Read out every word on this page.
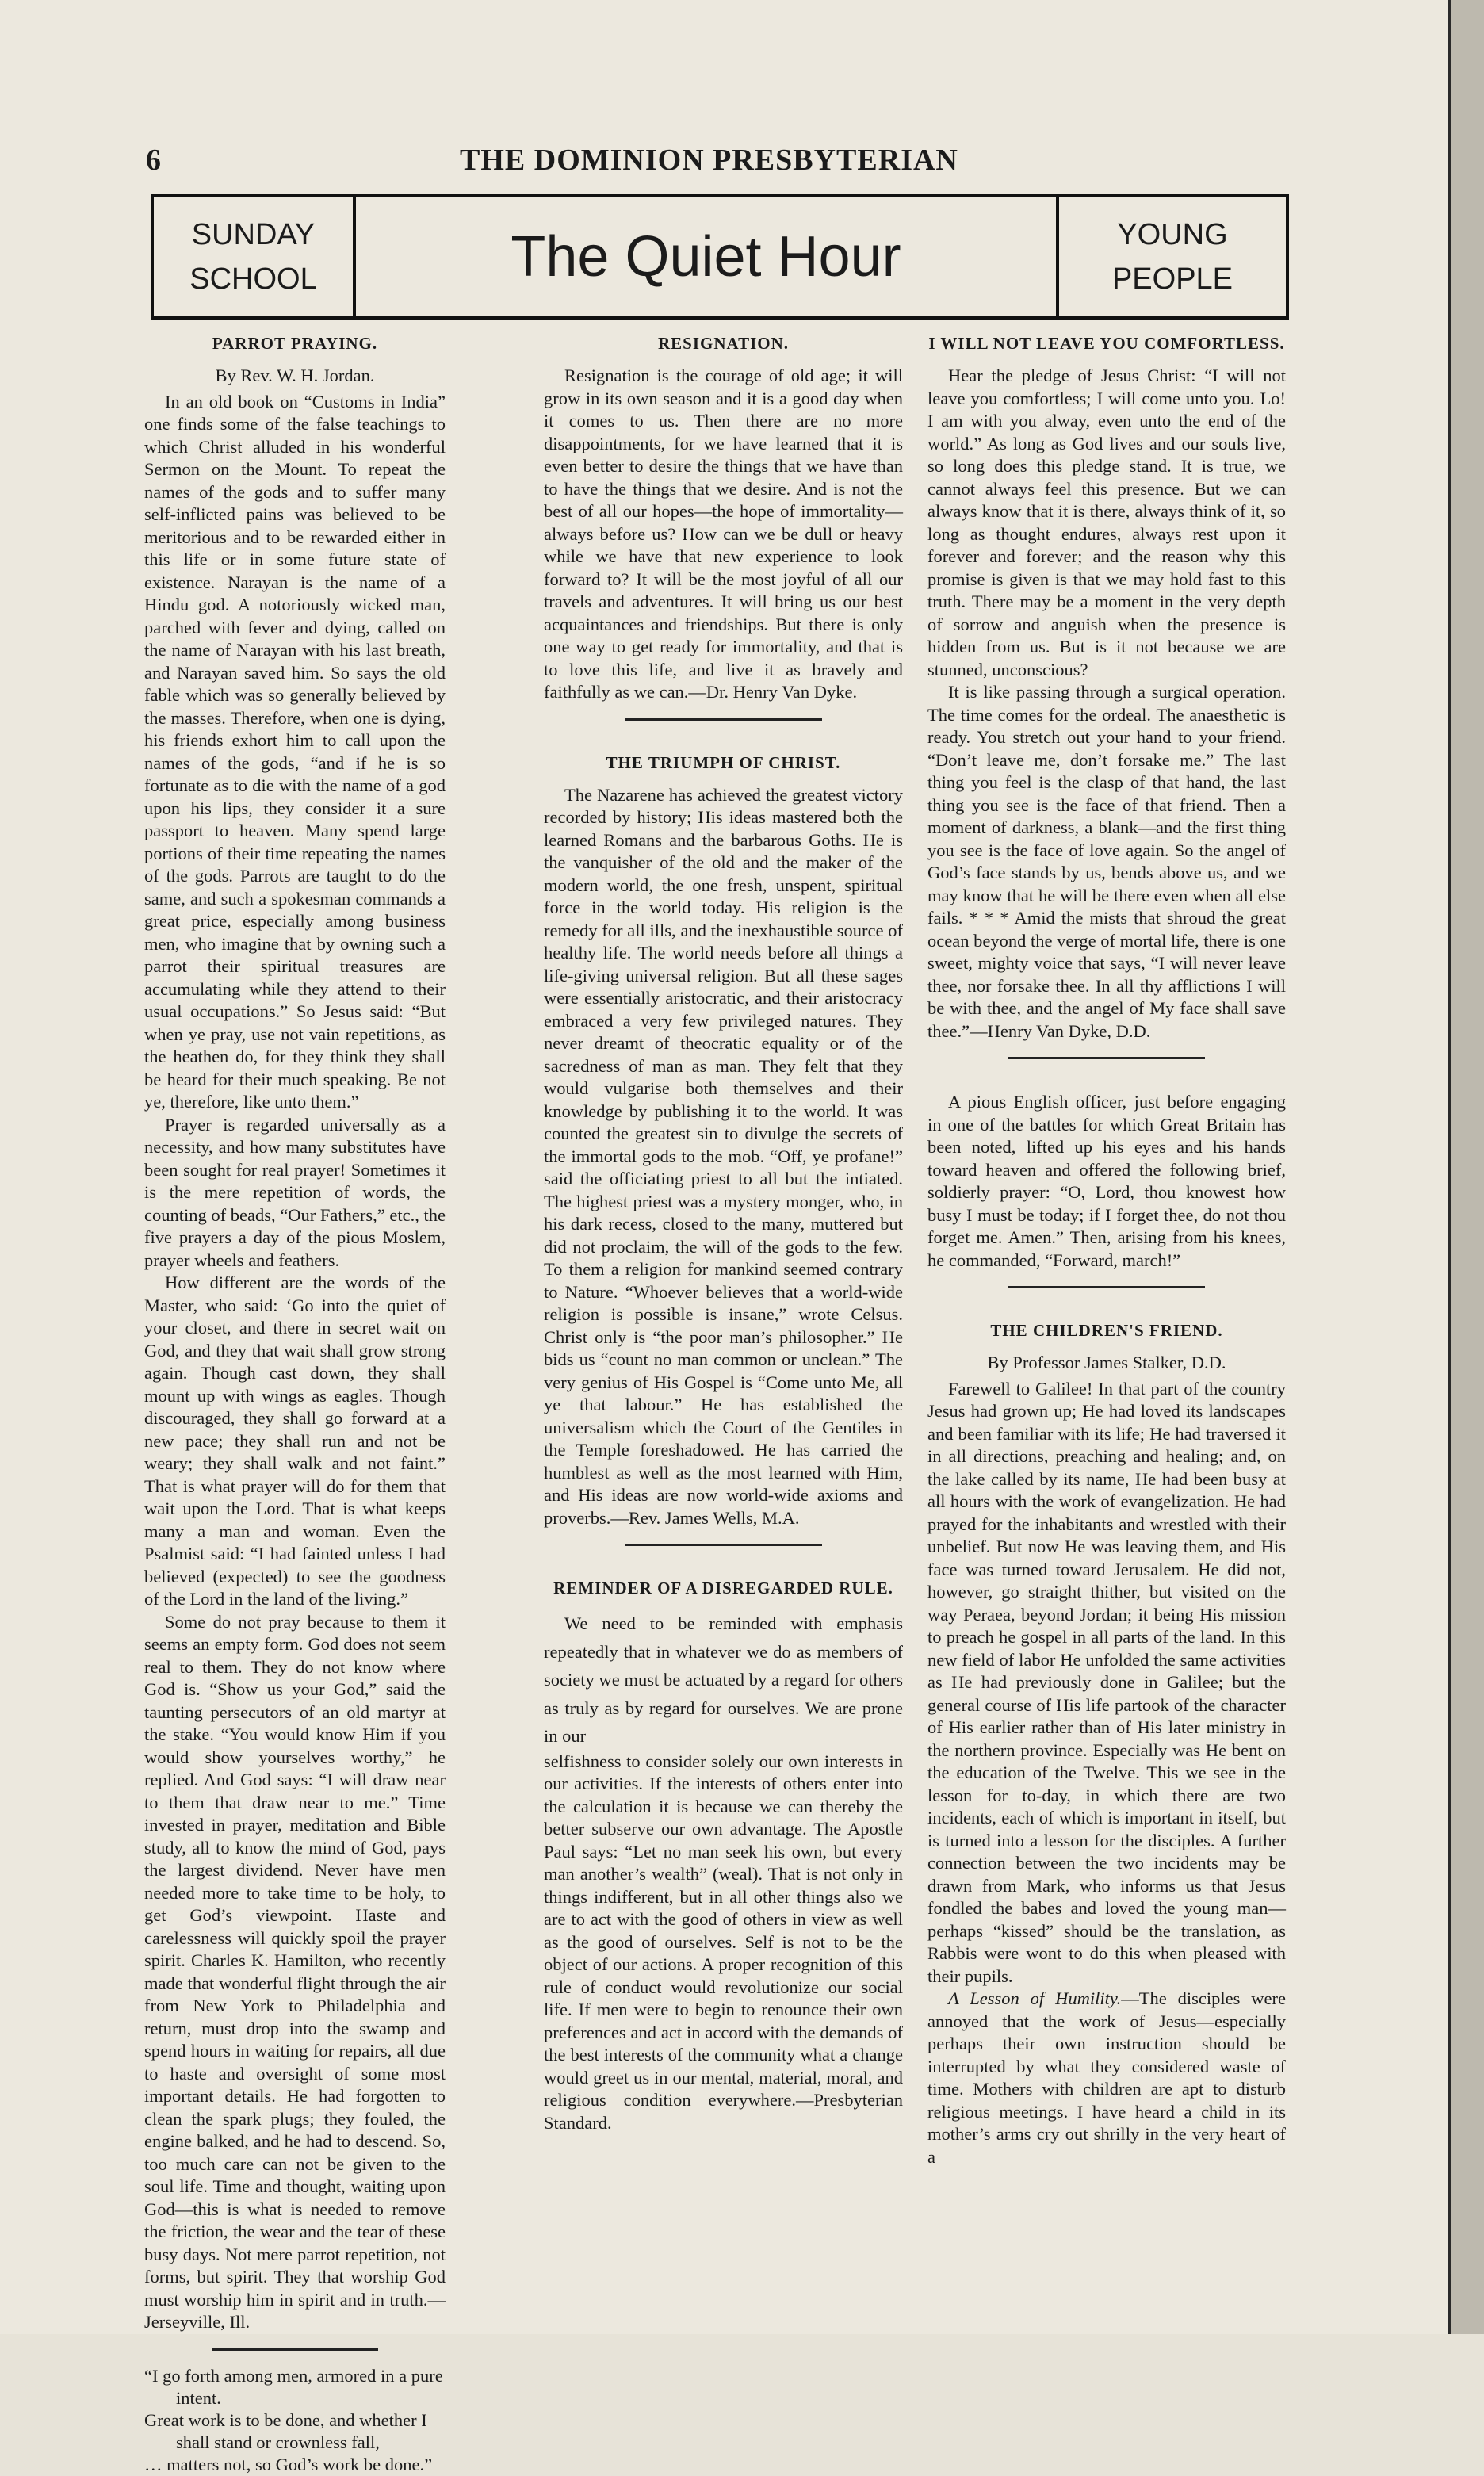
6	THE DOMINION PRESBYTERIAN
SUNDAY
SCHOOL	The Quiet Hour	YOUNG
PEOPLE
PARROT PRAYING.
By Rev. W. H. Jordan.

In an old book on “Customs in India” one finds some of the false teachings to which Christ alluded in his wonderful Sermon on the Mount. To repeat the names of the gods and to suffer many self-inflicted pains was believed to be meritorious and to be rewarded either in this life or in some future state of existence. Narayan is the name of a Hindu god. A notoriously wicked man, parched with fever and dying, called on the name of Narayan with his last breath, and Narayan saved him. So says the old fable which was so generally believed by the masses. Therefore, when one is dying, his friends exhort him to call upon the names of the gods, “and if he is so fortunate as to die with the name of a god upon his lips, they consider it a sure passport to heaven. Many spend large portions of their time repeating the names of the gods. Parrots are taught to do the same, and such a spokesman commands a great price, especially among business men, who imagine that by owning such a parrot their spiritual treasures are accumulating while they attend to their usual occupations.” So Jesus said: “But when ye pray, use not vain repetitions, as the heathen do, for they think they shall be heard for their much speaking. Be not ye, therefore, like unto them.”

Prayer is regarded universally as a necessity, and how many substitutes have been sought for real prayer! Sometimes it is the mere repetition of words, the counting of beads, “Our Fathers,” etc., the five prayers a day of the pious Moslem, prayer wheels and feathers.

How different are the words of the Master, who said: ‘Go into the quiet of your closet, and there in secret wait on God, and they that wait shall grow strong again. Though cast down, they shall mount up with wings as eagles. Though discouraged, they shall go forward at a new pace; they shall run and not be weary; they shall walk and not faint.” That is what prayer will do for them that wait upon the Lord. That is what keeps many a man and woman. Even the Psalmist said: “I had fainted unless I had believed (expected) to see the goodness of the Lord in the land of the living.”

Some do not pray because to them it seems an empty form. God does not seem real to them. They do not know where God is. “Show us your God,” said the taunting persecutors of an old martyr at the stake. “You would know Him if you would show yourselves worthy,” he replied. And God says: “I will draw near to them that draw near to me.” Time invested in prayer, meditation and Bible study, all to know the mind of God, pays the largest dividend. Never have men needed more to take time to be holy, to get God’s viewpoint. Haste and carelessness will quickly spoil the prayer spirit. Charles K. Hamilton, who recently made that wonderful flight through the air from New York to Philadelphia and return, must drop into the swamp and spend hours in waiting for repairs, all due to haste and oversight of some most important details. He had forgotten to clean the spark plugs; they fouled, the engine balked, and he had to descend. So, too much care can not be given to the soul life. Time and thought, waiting upon God—this is what is needed to remove the friction, the wear and the tear of these busy days. Not mere parrot repetition, not forms, but spirit. They that worship God must worship him in spirit and in truth.—Jerseyville, Ill.

“I go forth among men, armored in a pure
intent.
Great work is to be done, and whether I
shall stand or crownless fall,
… matters not, so God’s work be done.”
RESIGNATION.

Resignation is the courage of old age; it will grow in its own season and it is a good day when it comes to us. Then there are no more disappointments, for we have learned that it is even better to desire the things that we have than to have the things that we desire. And is not the best of all our hopes—the hope of immortality—always before us? How can we be dull or heavy while we have that new experience to look forward to? It will be the most joyful of all our travels and adventures. It will bring us our best acquaintances and friendships. But there is only one way to get ready for immortality, and that is to love this life, and live it as bravely and faithfully as we can.—Dr. Henry Van Dyke.

THE TRIUMPH OF CHRIST.

The Nazarene has achieved the greatest victory recorded by history; His ideas mastered both the learned Romans and the barbarous Goths. He is the vanquisher of the old and the maker of the modern world, the one fresh, unspent, spiritual force in the world today. His religion is the remedy for all ills, and the inexhaustible source of healthy life. The world needs before all things a life-giving universal religion. But all these sages were essentially aristocratic, and their aristocracy embraced a very few privileged natures. They never dreamt of theocratic equality or of the sacredness of man as man. They felt that they would vulgarise both themselves and their knowledge by publishing it to the world. It was counted the greatest sin to divulge the secrets of the immortal gods to the mob. “Off, ye profane!” said the officiating priest to all but the intiated. The highest priest was a mystery monger, who, in his dark recess, closed to the many, muttered but did not proclaim, the will of the gods to the few. To them a religion for mankind seemed contrary to Nature. “Whoever believes that a world-wide religion is possible is insane,” wrote Celsus. Christ only is “the poor man’s philosopher.” He bids us “count no man common or unclean.” The very genius of His Gospel is “Come unto Me, all ye that labour.” He has established the universalism which the Court of the Gentiles in the Temple foreshadowed. He has carried the humblest as well as the most learned with Him, and His ideas are now world-wide axioms and proverbs.—Rev. James Wells, M.A.

REMINDER OF A DISREGARDED RULE.

We need to be reminded with emphasis repeatedly that in whatever we do as members of society we must be actuated by a regard for others as truly as by regard for ourselves. We are prone in our

selfishness to consider solely our own interests in our activities. If the interests of others enter into the calculation it is because we can thereby the better subserve our own advantage. The Apostle Paul says: “Let no man seek his own, but every man another’s wealth” (weal). That is not only in things indifferent, but in all other things also we are to act with the good of others in view as well as the good of ourselves. Self is not to be the object of our actions. A proper recognition of this rule of conduct would revolutionize our social life. If men were to begin to renounce their own preferences and act in accord with the demands of the best interests of the community what a change would greet us in our mental, material, moral, and religious condition everywhere.—Presbyterian Standard.

I WILL NOT LEAVE YOU COMFORTLESS.

Hear the pledge of Jesus Christ: “I will not leave you comfortless; I will come unto you. Lo! I am with you alway, even unto the end of the world.” As long as God lives and our souls live, so long does this pledge stand. It is true, we cannot always feel this presence. But we can always know that it is there, always think of it, so long as thought endures, always rest upon it forever and forever; and the reason why this promise is given is that we may hold fast to this truth. There may be a moment in the very depth of sorrow and anguish when the presence is hidden from us. But is it not because we are stunned, unconscious?

It is like passing through a surgical operation. The time comes for the ordeal. The anaesthetic is ready. You stretch out your hand to your friend. “Don’t leave me, don’t forsake me.” The last thing you feel is the clasp of that hand, the last thing you see is the face of that friend. Then a moment of darkness, a blank—and the first thing you see is the face of love again. So the angel of God’s face stands by us, bends above us, and we may know that he will be there even when all else fails. * * * Amid the mists that shroud the great ocean beyond the verge of mortal life, there is one sweet, mighty voice that says, “I will never leave thee, nor forsake thee. In all thy afflictions I will be with thee, and the angel of My face shall save thee.”—Henry Van Dyke, D.D.

A pious English officer, just before engaging in one of the battles for which Great Britain has been noted, lifted up his eyes and his hands toward heaven and offered the following brief, soldierly prayer: “O, Lord, thou knowest how busy I must be today; if I forget thee, do not thou forget me. Amen.” Then, arising from his knees, he commanded, “Forward, march!”

THE CHILDREN'S FRIEND.
By Professor James Stalker, D.D.

Farewell to Galilee! In that part of the country Jesus had grown up; He had loved its landscapes and been familiar with its life; He had traversed it in all directions, preaching and healing; and, on the lake called by its name, He had been busy at all hours with the work of evangelization. He had prayed for the inhabitants and wrestled with their unbelief. But now He was leaving them, and His face was turned toward Jerusalem. He did not, however, go straight thither, but visited on the way Peraea, beyond Jordan; it being His mission to preach he gospel in all parts of the land. In this new field of labor He unfolded the same activities as He had previously done in Galilee; but the general course of His life partook of the character of His earlier rather than of His later ministry in the northern province. Especially was He bent on the education of the Twelve. This we see in the lesson for to-day, in which there are two incidents, each of which is important in itself, but is turned into a lesson for the disciples. A further connection between the two incidents may be drawn from Mark, who informs us that Jesus fondled the babes and loved the young man—perhaps “kissed” should be the translation, as Rabbis were wont to do this when pleased with their pupils.

A Lesson of Humility.—The disciples were annoyed that the work of Jesus—especially perhaps their own instruction should be interrupted by what they considered waste of time. Mothers with children are apt to disturb religious meetings. I have heard a child in its mother’s arms cry out shrilly in the very heart of a
